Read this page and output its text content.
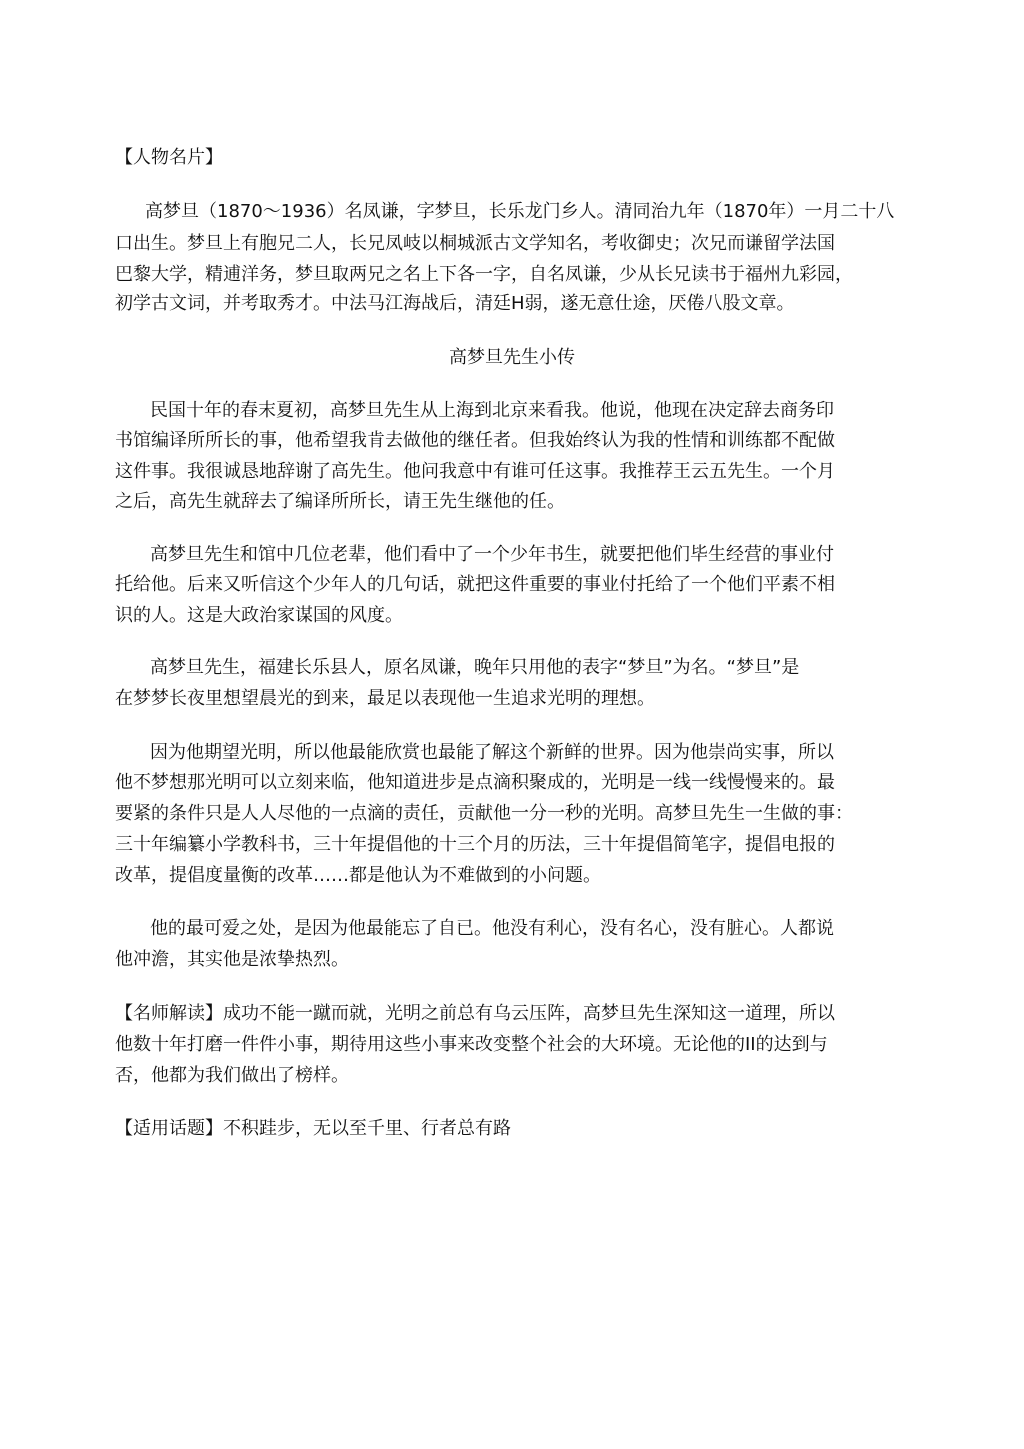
【人物名片】
高梦旦（1870～1936）名凤谦，字梦旦，长乐龙门乡人。清同治九年（1870年）一月二十八
口出生。梦旦上有胞兄二人，长兄凤岐以桐城派古文学知名，考收御史；次兄而谦留学法国
巴黎大学，精逋洋务，梦旦取两兄之名上下各一字，自名凤谦，少从长兄读书于福州九彩园，
初学古文词，并考取秀才。中法马江海战后，清廷H弱，遂无意仕途，厌倦八股文章。
高梦旦先生小传
民国十年的春末夏初，高梦旦先生从上海到北京来看我。他说，他现在决定辞去商务印
书馆编译所所长的事，他希望我肯去做他的继任者。但我始终认为我的性情和训练都不配做
这件事。我很诚恳地辞谢了高先生。他问我意中有谁可任这事。我推荐王云五先生。一个月
之后，高先生就辞去了编译所所长，请王先生继他的任。
高梦旦先生和馆中几位老辈，他们看中了一个少年书生，就要把他们毕生经营的事业付
托给他。后来又听信这个少年人的几句话，就把这件重要的事业付托给了一个他们平素不相
识的人。这是大政治家谋国的风度。
高梦旦先生，福建长乐县人，原名凤谦，晚年只用他的表字“梦旦”为名。“梦旦”是
在梦梦长夜里想望晨光的到来，最足以表现他一生追求光明的理想。
因为他期望光明，所以他最能欣赏也最能了解这个新鲜的世界。因为他崇尚实事，所以
他不梦想那光明可以立刻来临，他知道进步是点滴积聚成的，光明是一线一线慢慢来的。最
要紧的条件只是人人尽他的一点滴的责任，贡献他一分一秒的光明。高梦旦先生一生做的事：
三十年编纂小学教科书，三十年提倡他的十三个月的历法，三十年提倡简笔字，提倡电报的
改革，提倡度量衡的改革……都是他认为不难做到的小问题。
他的最可爱之处，是因为他最能忘了自已。他没有利心，没有名心，没有脏心。人都说
他冲澹，其实他是浓挚热烈。
【名师解读】成功不能一蹴而就，光明之前总有乌云压阵，高梦旦先生深知这一道理，所以
他数十年打磨一件件小事，期待用这些小事来改变整个社会的大环境。无论他的II的达到与
否，他都为我们做出了榜样。
【适用话题】不积跬步，无以至千里、行者总有路
